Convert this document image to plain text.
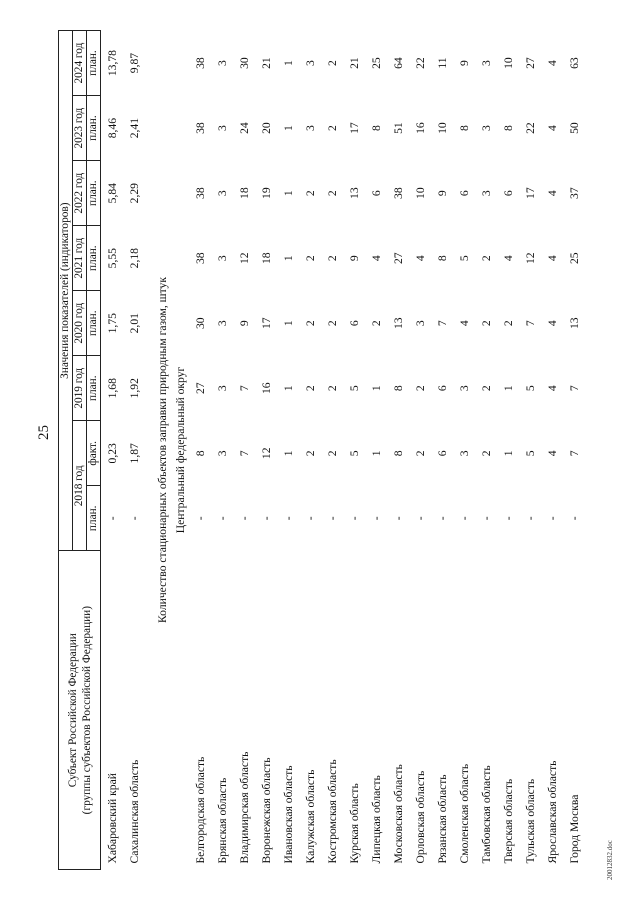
25
20012832.doc
Субъект Российской Федерации (группы субъектов Российской Федерации)	Значения показателей (индикаторов)							
	2018 год		2019 год	2020 год	2021 год	2022 год	2023 год	2024 год
	план.	факт.	план.	план.	план.	план.	план.	план.
Хабаровский край	-	0,23	1,68	1,75	5,55	5,84	8,46	13,78
Сахалинская область	-	1,87	1,92	2,01	2,18	2,29	2,41	9,87

Количество стационарных объектов заправки природным газом, штук								
Центральный федеральный округ								
Белгородская область	-	8	27	30	38	38	38	38
Брянская область	-	3	3	3	3	3	3	3
Владимирская область	-	7	7	9	12	18	24	30
Воронежская область	-	12	16	17	18	19	20	21
Ивановская область	-	1	1	1	1	1	1	1
Калужская область	-	2	2	2	2	2	3	3
Костромская область	-	2	2	2	2	2	2	2
Курская область	-	5	5	6	9	13	17	21
Липецкая область	-	1	1	2	4	6	8	25
Московская область	-	8	8	13	27	38	51	64
Орловская область	-	2	2	3	4	10	16	22
Рязанская область	-	6	6	7	8	9	10	11
Смоленская область	-	3	3	4	5	6	8	9
Тамбовская область	-	2	2	2	2	3	3	3
Тверская область	-	1	1	2	4	6	8	10
Тульская область	-	5	5	7	12	17	22	27
Ярославская область	-	4	4	4	4	4	4	4
Город Москва	-	7	7	13	25	37	50	63
